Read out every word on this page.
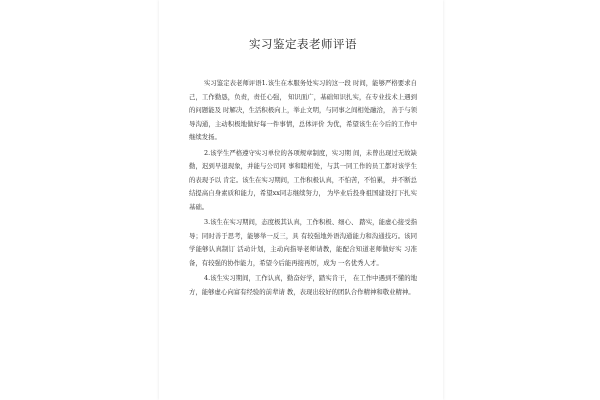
实习鉴定表老师评语

实习鉴定表老师评语1.该生在本服务处实习的这一段 时间，能够严格要求自己，工作勤恳，负责，责任心强， 知识面广，基础知识扎实，在专业技术上遇到的问题能及 时解决，生活积极向上，举止文明，与同事之间相处融洽， 善于与领导沟通，主动积极地做好每一件事情，总体评价 为优，希望该生在今后的工作中继续发扬。

2.该学生严格遵守实习单位的各项规章制度，实习期 间，未曾出现过无故缺勤，迟到早退现象，并能与公司同 事和睦相处，与其一同工作的员工都对该学生的表现予以 肯定。该生在实习期间，工作积极认真，不怕苦，不怕累， 并不断总结提高自身素质和能力，希望xx同志继续努力， 为毕业后投身祖国建设打下扎实基础。

3.该生在实习期间，态度极其认真，工作积极、细心、 踏实，能虚心接受指导；同时善于思考，能够举一反三，具 有较强地外语沟通能力和沟通技巧。该同学能够认真制订 活动计划，主动向指导老师请教，能配合知道老师做好实 习准备，有较强的协作能力，希望今后能再接再厉，成为 一名优秀人才。

4.该生实习期间，工作认真，勤奋好学，踏实肯干， 在工作中遇到不懂的地方，能够虚心向富有经验的前辈请 教，表现出较好的团队合作精神和敬业精神。
